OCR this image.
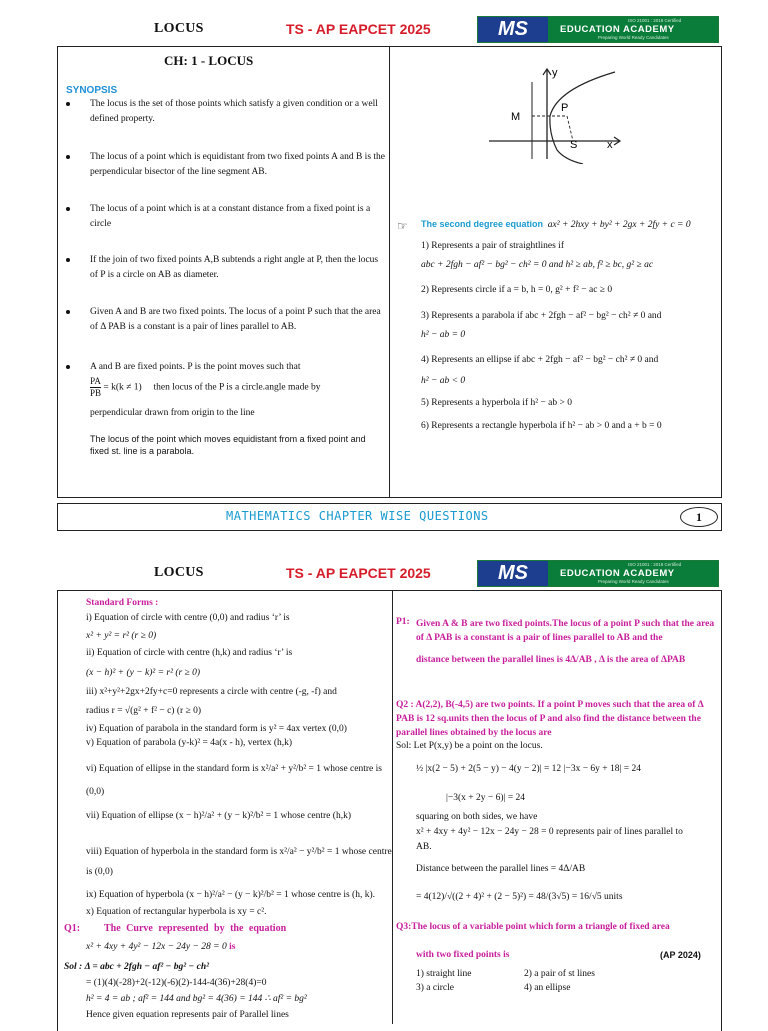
LOCUS	TS - AP EAPCET 2025	MS	ISO 21001 : 2018 Certified
EDUCATION ACADEMY
Preparing World Ready Candidates
CH: 1 - LOCUS
SYNOPSIS
The locus is the set of those points which satisfy a given condition or a well defined property.
The locus of a point which is equidistant from two fixed points A and B is the perpendicular bisector of the line segment AB.
The locus of a point which is at a constant distance from a fixed point is a circle
If the join of two fixed points A,B subtends a right angle at P, then the locus of P is a circle on AB as diameter.
Given A and B are two fixed points. The locus of a point P such that the area of Δ PAB is a constant is a pair of lines parallel to AB.
A and B are fixed points. P is the point moves such that
$\frac{PA}{PB} = k(k \ne 1)$ then locus of the P is a circle.angle made by
perpendicular drawn from origin to the line
The locus of the point which moves equidistant from a fixed point and fixed st. line is a parabola.
y
x
M
P
S
☞ The second degree equation ax² + 2hxy + by² + 2gx + 2fy + c = 0
1) Represents a pair of straightlines if
abc + 2fgh − af² − bg² − ch² = 0 and h² ≥ ab, f² ≥ bc, g² ≥ ac
2) Represents circle if a = b, h = 0, g² + f² − ac ≥ 0
3) Represents a parabola if abc + 2fgh − af² − bg² − ch² ≠ 0 and
h² − ab = 0
4) Represents an ellipse if abc + 2fgh − af² − bg² − ch² ≠ 0 and
h² − ab < 0
5) Represents a hyperbola if h² − ab > 0
6) Represents a rectangle hyperbola if h² − ab > 0 and a + b = 0
MATHEMATICS CHAPTER WISE QUESTIONS	1
LOCUS	TS - AP EAPCET 2025	MS	ISO 21001 : 2018 Certified
EDUCATION ACADEMY
Preparing World Ready Candidates
Standard Forms :
i) Equation of circle with centre (0,0) and radius ‘r’ is
x² + y² = r² (r ≥ 0)
ii) Equation of circle with centre (h,k) and radius ‘r’ is
(x − h)² + (y − k)² = r² (r ≥ 0)
iii) x²+y²+2gx+2fy+c=0 represents a circle with centre (-g, -f) and
radius r = √(g² + f² − c) (r ≥ 0)
iv) Equation of parabola in the standard form is y² = 4ax vertex (0,0)
v) Equation of parabola (y-k)² = 4a(x - h), vertex (h,k)
vi) Equation of ellipse in the standard form is x²/a² + y²/b² = 1 whose centre is
(0,0)
vii) Equation of ellipse (x − h)²/a² + (y − k)²/b² = 1 whose centre (h,k)
viii) Equation of hyperbola in the standard form is x²/a² − y²/b² = 1 whose centre
is (0,0)
ix) Equation of hyperbola (x − h)²/a² − (y − k)²/b² = 1 whose centre is (h, k).
x) Equation of rectangular hyperbola is xy = c².
Q1: The Curve represented by the equation
x² + 4xy + 4y² − 12x − 24y − 28 = 0 is
Sol : Δ = abc + 2fgh − af² − bg² − ch²
= (1)(4)(-28)+2(-12)(-6)(2)-144-4(36)+28(4)=0
h² = 4 = ab ; af² = 144 and bg² = 4(36) = 144 ∴ af² = bg²
Hence given equation represents pair of Parallel lines
P1: Given A & B are two fixed points.The locus of a point P such that the area of Δ PAB is a constant is a pair of lines parallel to AB and the
distance between the parallel lines is 4Δ/AB , Δ is the area of ΔPAB
Q2 : A(2,2), B(-4,5) are two points. If a point P moves such that the area of Δ PAB is 12 sq.units then the locus of P and also find the distance between the parallel lines obtained by the locus are
Sol: Let P(x,y) be a point on the locus.
½ |x(2 − 5) + 2(5 − y) − 4(y − 2)| = 12 |−3x − 6y + 18| = 24
|−3(x + 2y − 6)| = 24
squaring on both sides, we have
x² + 4xy + 4y² − 12x − 24y − 28 = 0 represents pair of lines parallel to
AB.
Distance between the parallel lines = 4Δ/AB
= 4(12)/√((2 + 4)² + (2 − 5)²) = 48/(3√5) = 16/√5 units
Q3:The locus of a variable point which form a triangle of fixed area
with two fixed points is	(AP 2024)
1) straight line	2) a pair of st lines
3) a circle	4) an ellipse
